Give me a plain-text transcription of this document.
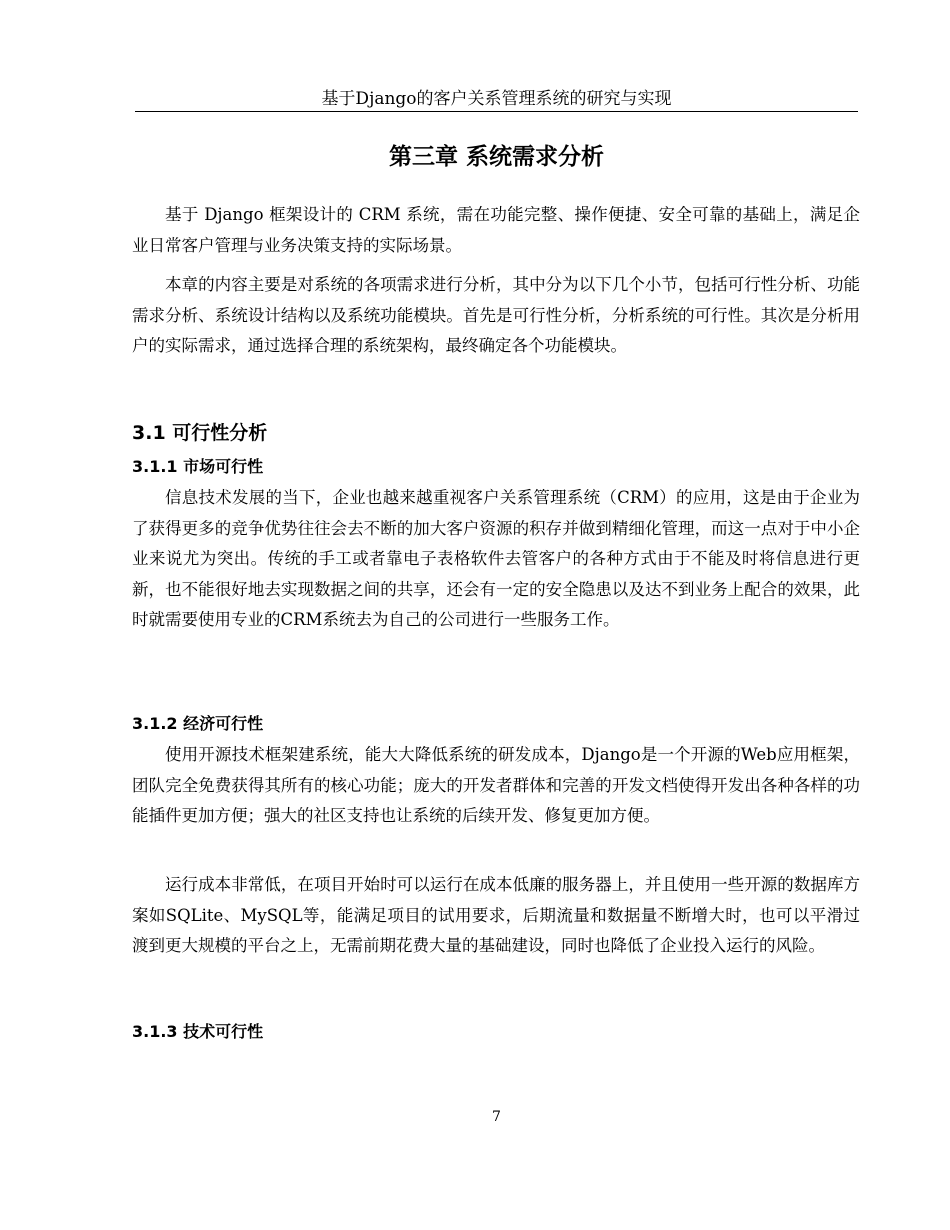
基于Django的客户关系管理系统的研究与实现
第三章 系统需求分析

基于 Django 框架设计的 CRM 系统，需在功能完整、操作便捷、安全可靠的基础上，满足企业日常客户管理与业务决策支持的实际场景。

本章的内容主要是对系统的各项需求进行分析，其中分为以下几个小节，包括可行性分析、功能需求分析、系统设计结构以及系统功能模块。首先是可行性分析，分析系统的可行性。其次是分析用户的实际需求，通过选择合理的系统架构，最终确定各个功能模块。

3.1 可行性分析
3.1.1 市场可行性

信息技术发展的当下，企业也越来越重视客户关系管理系统（CRM）的应用，这是由于企业为了获得更多的竞争优势往往会去不断的加大客户资源的积存并做到精细化管理，而这一点对于中小企业来说尤为突出。传统的手工或者靠电子表格软件去管客户的各种方式由于不能及时将信息进行更新，也不能很好地去实现数据之间的共享，还会有一定的安全隐患以及达不到业务上配合的效果，此时就需要使用专业的CRM系统去为自己的公司进行一些服务工作。

3.1.2 经济可行性

使用开源技术框架建系统，能大大降低系统的研发成本，Django是一个开源的Web应用框架，团队完全免费获得其所有的核心功能；庞大的开发者群体和完善的开发文档使得开发出各种各样的功能插件更加方便；强大的社区支持也让系统的后续开发、修复更加方便。

运行成本非常低，在项目开始时可以运行在成本低廉的服务器上，并且使用一些开源的数据库方案如SQLite、MySQL等，能满足项目的试用要求，后期流量和数据量不断增大时，也可以平滑过渡到更大规模的平台之上，无需前期花费大量的基础建设，同时也降低了企业投入运行的风险。

3.1.3 技术可行性
7
